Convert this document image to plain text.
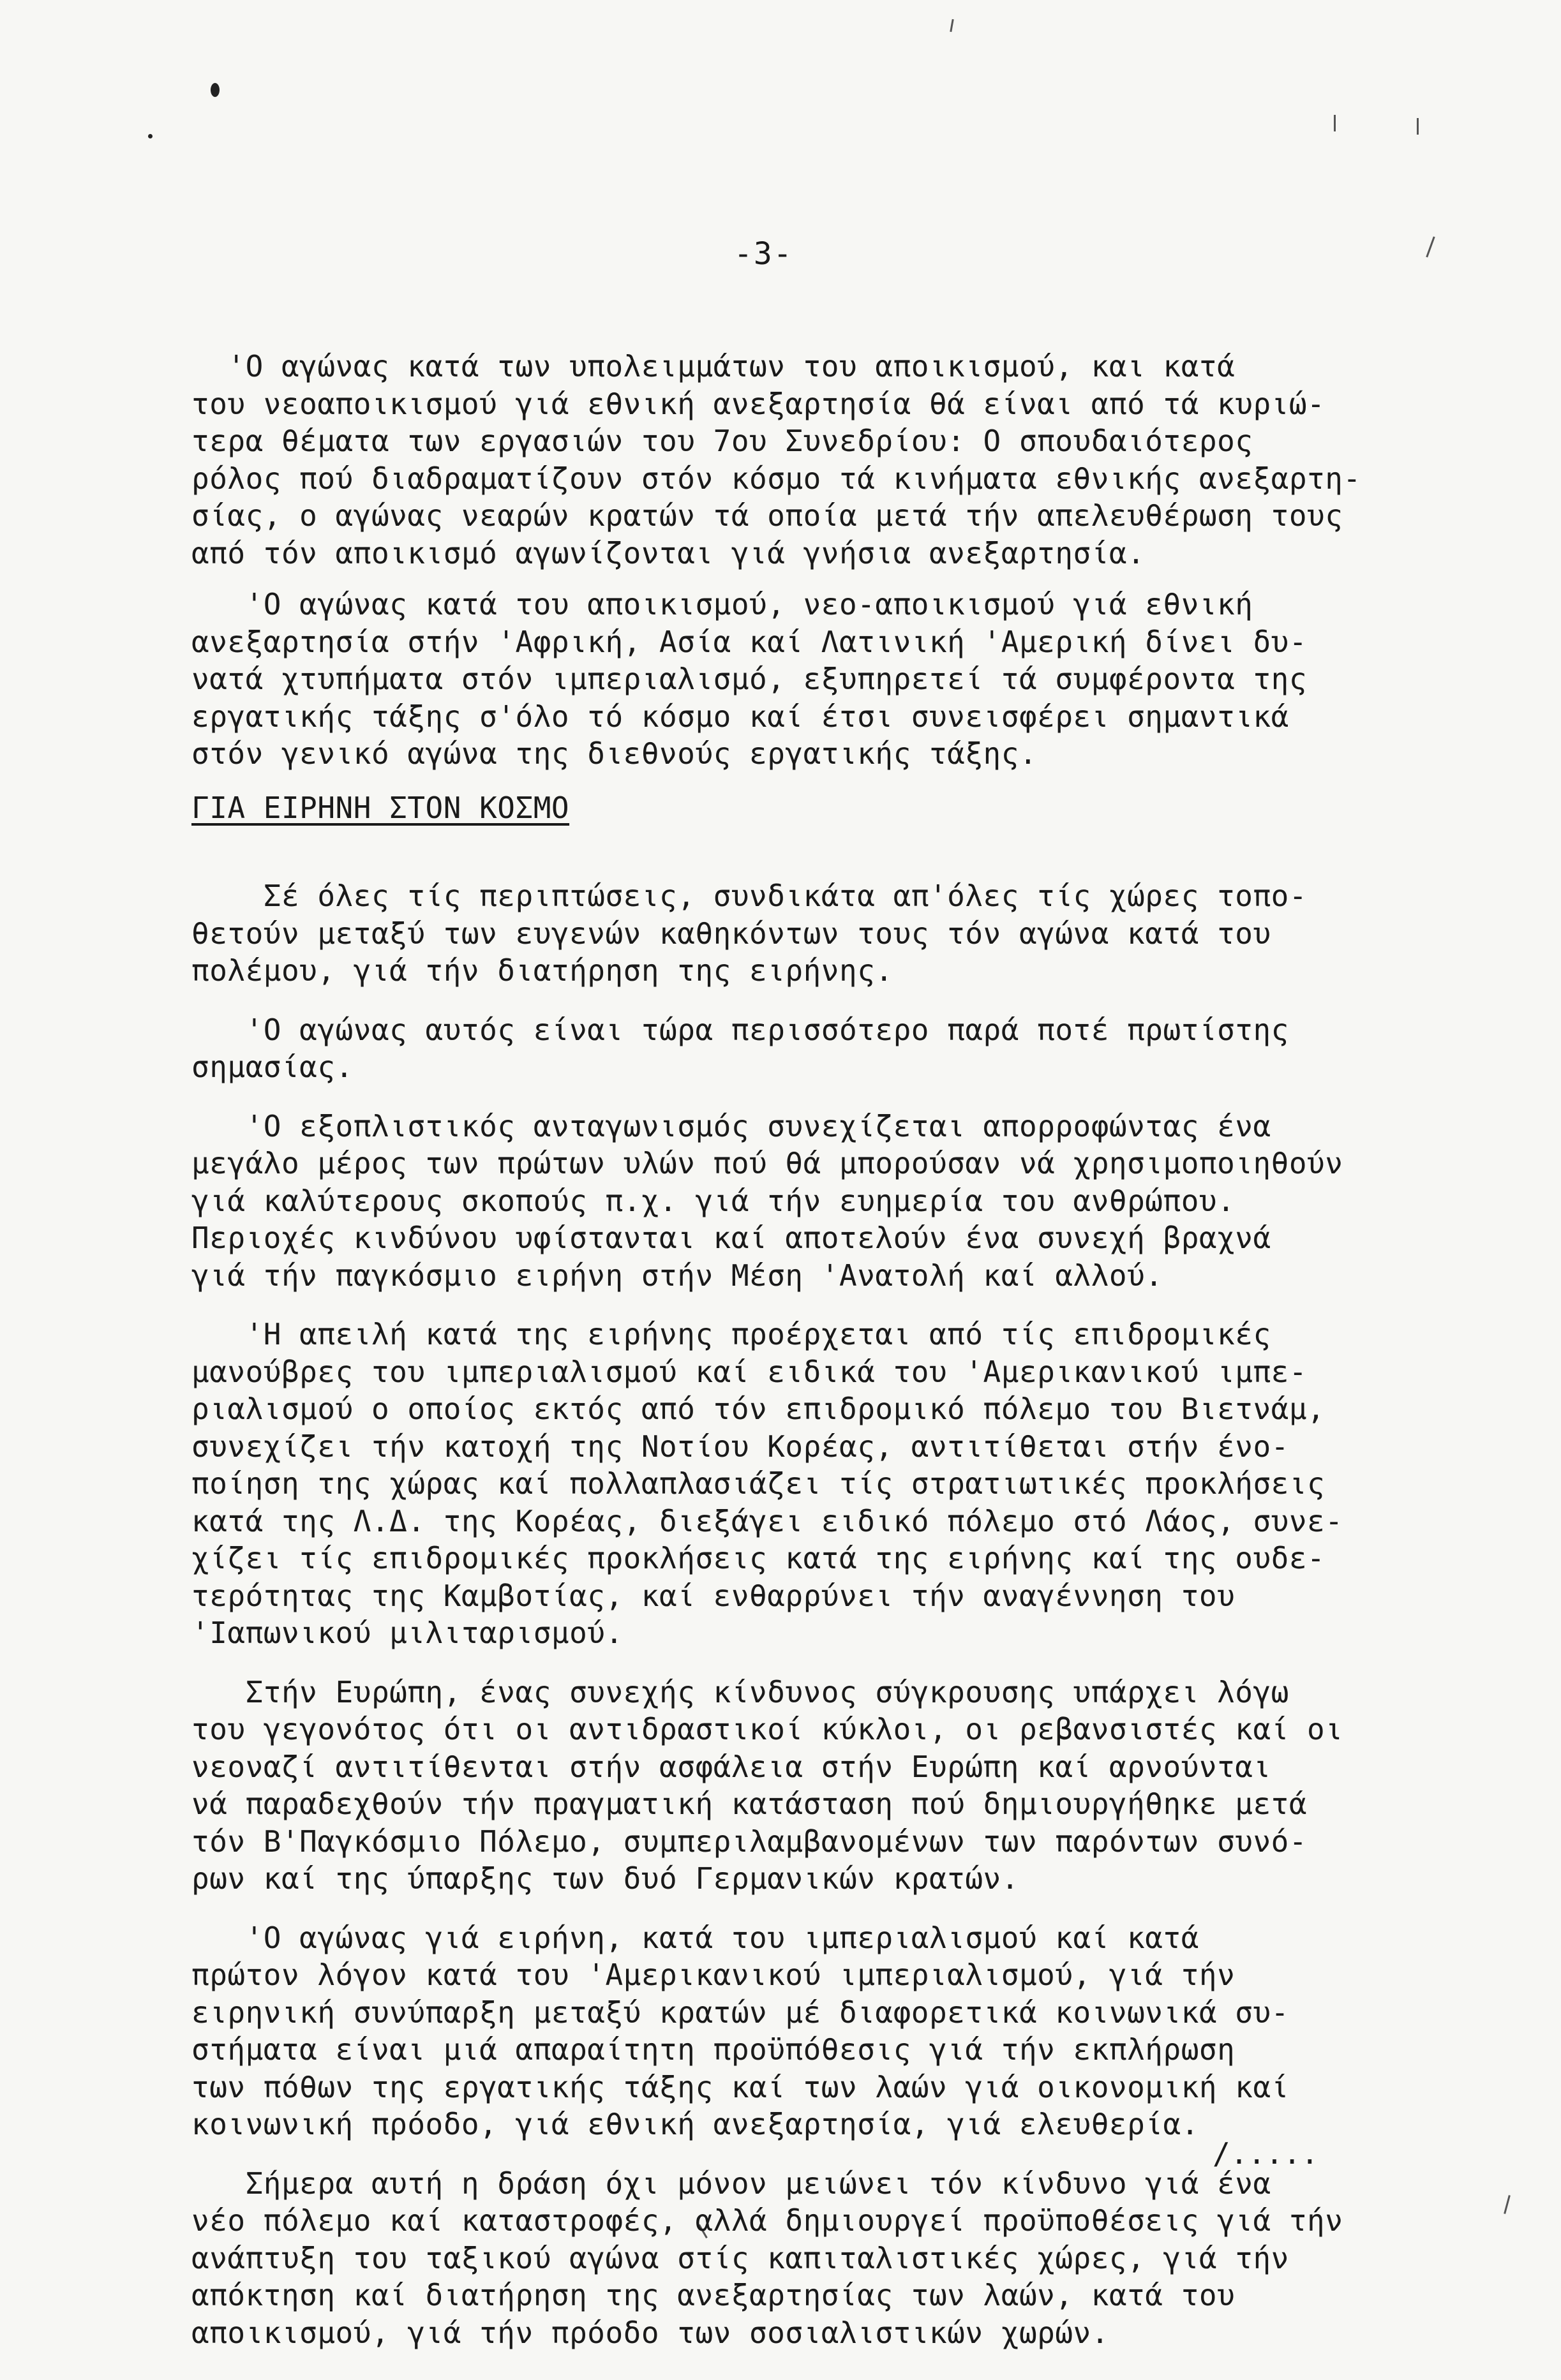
-3-
'Ο αγώνας κατά των υπολειμμάτων του αποικισμού, και κατά
του νεοαποικισμού γιά εθνική ανεξαρτησία θά είναι από τά κυριώ-
τερα θέματα των εργασιών του 7ου Συνεδρίου: Ο σπουδαιότερος
ρόλος πού διαδραματίζουν στόν κόσμο τά κινήματα εθνικής ανεξαρτη-
σίας, ο αγώνας νεαρών κρατών τά οποία μετά τήν απελευθέρωση τους
από τόν αποικισμό αγωνίζονται γιά γνήσια ανεξαρτησία.
'Ο αγώνας κατά του αποικισμού, νεο-αποικισμού γιά εθνική
ανεξαρτησία στήν 'Αφρική, Ασία καί Λατινική 'Αμερική δίνει δυ-
νατά χτυπήματα στόν ιμπεριαλισμό, εξυπηρετεί τά συμφέροντα της
εργατικής τάξης σ'όλο τό κόσμο καί έτσι συνεισφέρει σημαντικά
στόν γενικό αγώνα της διεθνούς εργατικής τάξης.
ΓΙΑ ΕΙΡΗΝΗ ΣΤΟΝ ΚΟΣΜΟ
Σέ όλες τίς περιπτώσεις, συνδικάτα απ'όλες τίς χώρες τοπο-
θετούν μεταξύ των ευγενών καθηκόντων τους τόν αγώνα κατά του
πολέμου, γιά τήν διατήρηση της ειρήνης.
'Ο αγώνας αυτός είναι τώρα περισσότερο παρά ποτέ πρωτίστης
σημασίας.
'Ο εξοπλιστικός ανταγωνισμός συνεχίζεται απορροφώντας ένα
μεγάλο μέρος των πρώτων υλών πού θά μπορούσαν νά χρησιμοποιηθούν
γιά καλύτερους σκοπούς π.χ. γιά τήν ευημερία του ανθρώπου.
Περιοχές κινδύνου υφίστανται καί αποτελούν ένα συνεχή βραχνά
γιά τήν παγκόσμιο ειρήνη στήν Μέση 'Ανατολή καί αλλού.
'Η απειλή κατά της ειρήνης προέρχεται από τίς επιδρομικές
μανούβρες του ιμπεριαλισμού καί ειδικά του 'Αμερικανικού ιμπε-
ριαλισμού ο οποίος εκτός από τόν επιδρομικό πόλεμο του Βιετνάμ,
συνεχίζει τήν κατοχή της Νοτίου Κορέας, αντιτίθεται στήν ένο-
ποίηση της χώρας καί πολλαπλασιάζει τίς στρατιωτικές προκλήσεις
κατά της Λ.Δ. της Κορέας, διεξάγει ειδικό πόλεμο στό Λάος, συνε-
χίζει τίς επιδρομικές προκλήσεις κατά της ειρήνης καί της ουδε-
τερότητας της Καμβοτίας, καί ενθαρρύνει τήν αναγέννηση του
'Ιαπωνικού μιλιταρισμού.
Στήν Ευρώπη, ένας συνεχής κίνδυνος σύγκρουσης υπάρχει λόγω
του γεγονότος ότι οι αντιδραστικοί κύκλοι, οι ρεβανσιστές καί οι
νεοναζί αντιτίθενται στήν ασφάλεια στήν Ευρώπη καί αρνούνται
νά παραδεχθούν τήν πραγματική κατάσταση πού δημιουργήθηκε μετά
τόν Β'Παγκόσμιο Πόλεμο, συμπεριλαμβανομένων των παρόντων συνό-
ρων καί της ύπαρξης των δυό Γερμανικών κρατών.
'Ο αγώνας γιά ειρήνη, κατά του ιμπεριαλισμού καί κατά
πρώτον λόγον κατά του 'Αμερικανικού ιμπεριαλισμού, γιά τήν
ειρηνική συνύπαρξη μεταξύ κρατών μέ διαφορετικά κοινωνικά συ-
στήματα είναι μιά απαραίτητη προϋπόθεσις γιά τήν εκπλήρωση
των πόθων της εργατικής τάξης καί των λαών γιά οικονομική καί
κοινωνική πρόοδο, γιά εθνική ανεξαρτησία, γιά ελευθερία.
Σήμερα αυτή η δράση όχι μόνον μειώνει τόν κίνδυνο γιά ένα
νέο πόλεμο καί καταστροφές, αλλά δημιουργεί προϋποθέσεις γιά τήν
ανάπτυξη του ταξικού αγώνα στίς καπιταλιστικές χώρες, γιά τήν
απόκτηση καί διατήρηση της ανεξαρτησίας των λαών, κατά του
αποικισμού, γιά τήν πρόοδο των σοσιαλιστικών χωρών.
/.....
